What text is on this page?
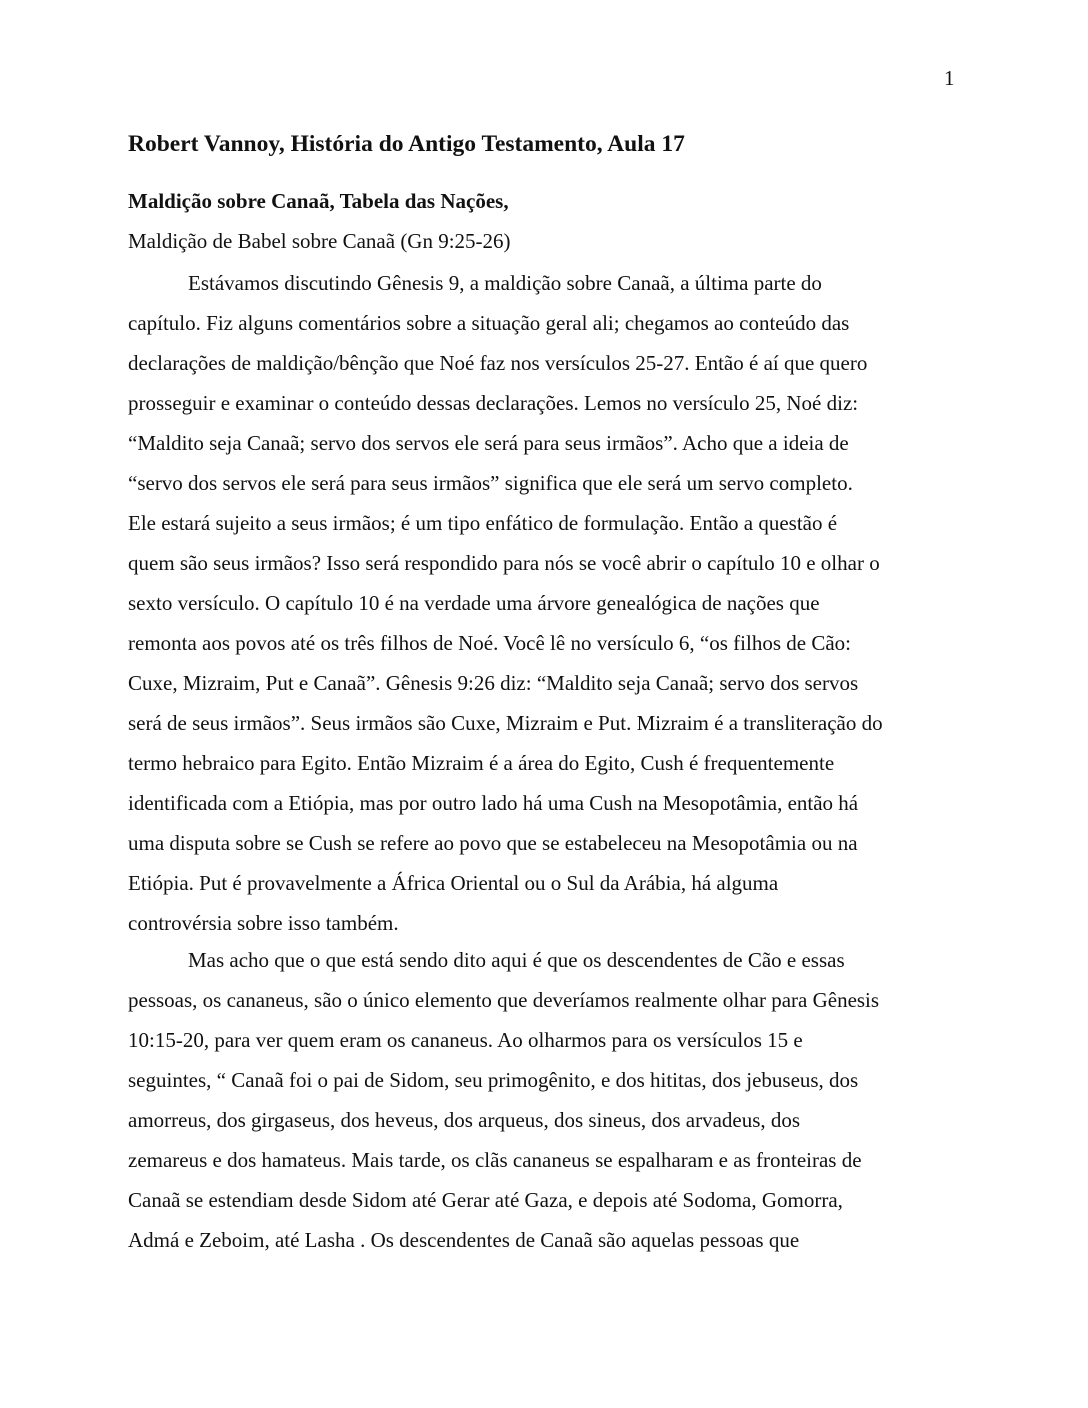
1
Robert Vannoy, História do Antigo Testamento, Aula 17
Maldição sobre Canaã, Tabela das Nações,
Maldição de Babel sobre Canaã (Gn 9:25-26)
Estávamos discutindo Gênesis 9, a maldição sobre Canaã, a última parte do
capítulo. Fiz alguns comentários sobre a situação geral ali; chegamos ao conteúdo das
declarações de maldição/bênção que Noé faz nos versículos 25-27. Então é aí que quero
prosseguir e examinar o conteúdo dessas declarações. Lemos no versículo 25, Noé diz:
“Maldito seja Canaã; servo dos servos ele será para seus irmãos”. Acho que a ideia de
“servo dos servos ele será para seus irmãos” significa que ele será um servo completo.
Ele estará sujeito a seus irmãos; é um tipo enfático de formulação. Então a questão é
quem são seus irmãos? Isso será respondido para nós se você abrir o capítulo 10 e olhar o
sexto versículo. O capítulo 10 é na verdade uma árvore genealógica de nações que
remonta aos povos até os três filhos de Noé. Você lê no versículo 6, “os filhos de Cão:
Cuxe, Mizraim, Put e Canaã”. Gênesis 9:26 diz: “Maldito seja Canaã; servo dos servos
será de seus irmãos”. Seus irmãos são Cuxe, Mizraim e Put. Mizraim é a transliteração do
termo hebraico para Egito. Então Mizraim é a área do Egito, Cush é frequentemente
identificada com a Etiópia, mas por outro lado há uma Cush na Mesopotâmia, então há
uma disputa sobre se Cush se refere ao povo que se estabeleceu na Mesopotâmia ou na
Etiópia. Put é provavelmente a África Oriental ou o Sul da Arábia, há alguma
controvérsia sobre isso também.
Mas acho que o que está sendo dito aqui é que os descendentes de Cão e essas
pessoas, os cananeus, são o único elemento que deveríamos realmente olhar para Gênesis
10:15-20, para ver quem eram os cananeus. Ao olharmos para os versículos 15 e
seguintes, “ Canaã foi o pai de Sidom, seu primogênito, e dos hititas, dos jebuseus, dos
amorreus, dos girgaseus, dos heveus, dos arqueus, dos sineus, dos arvadeus, dos
zemareus e dos hamateus. Mais tarde, os clãs cananeus se espalharam e as fronteiras de
Canaã se estendiam desde Sidom até Gerar até Gaza, e depois até Sodoma, Gomorra,
Admá e Zeboim, até Lasha . Os descendentes de Canaã são aquelas pessoas que
